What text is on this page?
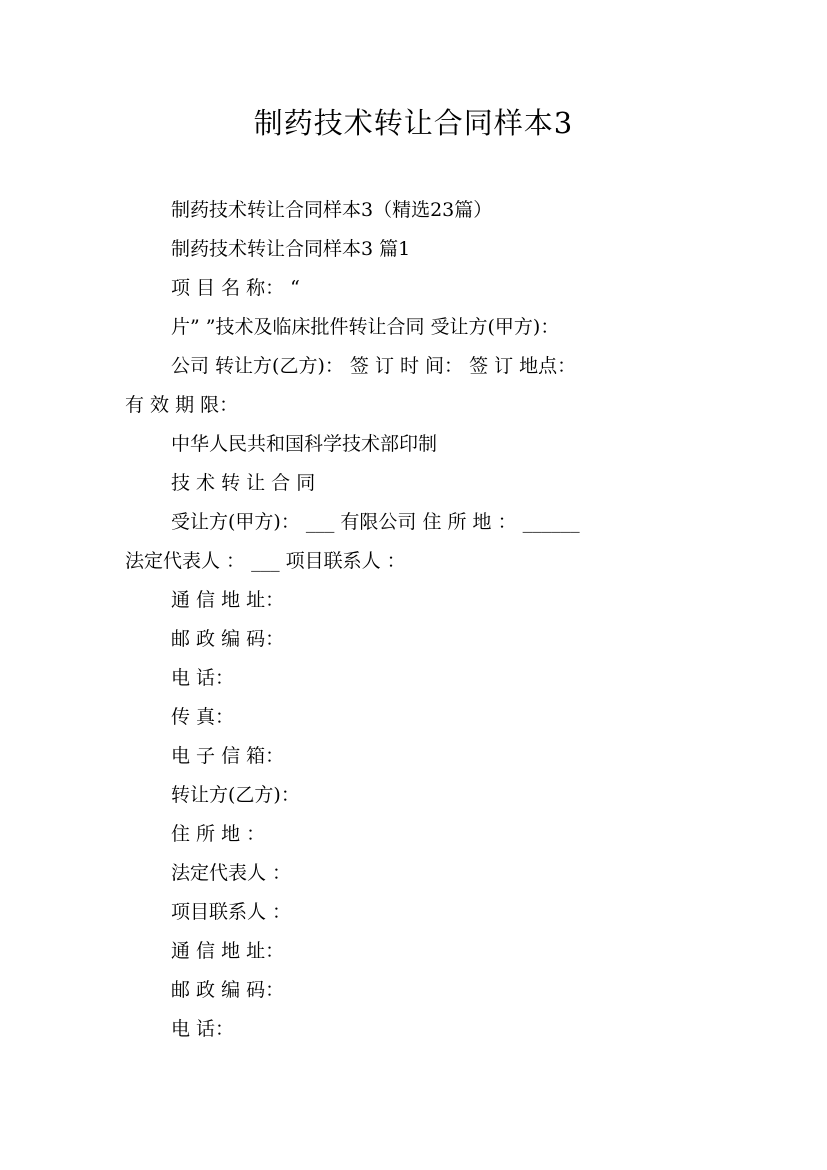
制药技术转让合同样本3
制药技术转让合同样本3（精选23篇）
制药技术转让合同样本3 篇1
项 目 名 称： “
片” ”技术及临床批件转让合同 受让方(甲方)：
公司 转让方(乙方)： 签 订 时 间： 签 订 地点：
有 效 期 限：
中华人民共和国科学技术部印制
技 术 转 让 合 同
受让方(甲方)： ___ 有限公司 住 所 地 ： ______
法定代表人 ： ___ 项目联系人 ：
通 信 地 址：
邮 政 编 码：
电 话：
传 真：
电 子 信 箱：
转让方(乙方)：
住 所 地 ：
法定代表人 ：
项目联系人 ：
通 信 地 址：
邮 政 编 码：
电 话：
